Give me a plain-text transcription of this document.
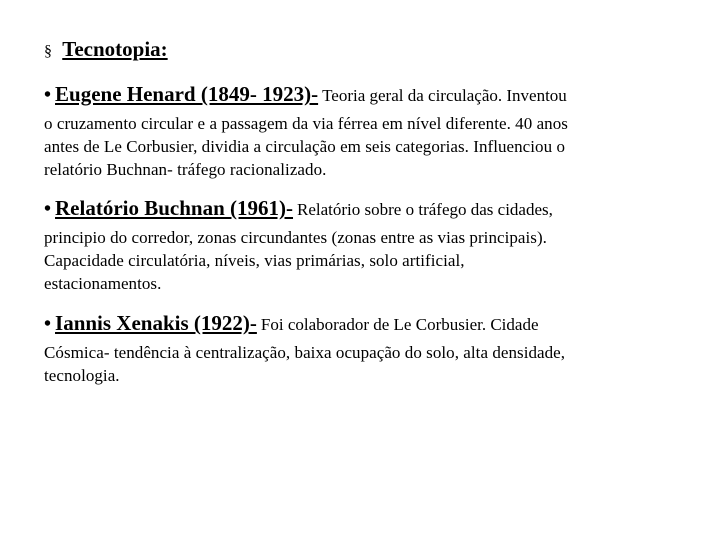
§ Tecnotopia:
• Eugene Henard (1849- 1923)- Teoria geral da circulação. Inventou
o cruzamento circular e a passagem da via férrea em nível diferente. 40 anos
antes de Le Corbusier, dividia a circulação em seis categorias. Influenciou o
relatório Buchnan- tráfego racionalizado.
• Relatório Buchnan (1961)- Relatório sobre o tráfego das cidades,
principio do corredor, zonas circundantes (zonas entre as vias principais).
Capacidade circulatória, níveis, vias primárias, solo artificial,
estacionamentos.
• Iannis Xenakis (1922)- Foi colaborador de Le Corbusier. Cidade
Cósmica- tendência à centralização, baixa ocupação do solo, alta densidade,
tecnologia.
